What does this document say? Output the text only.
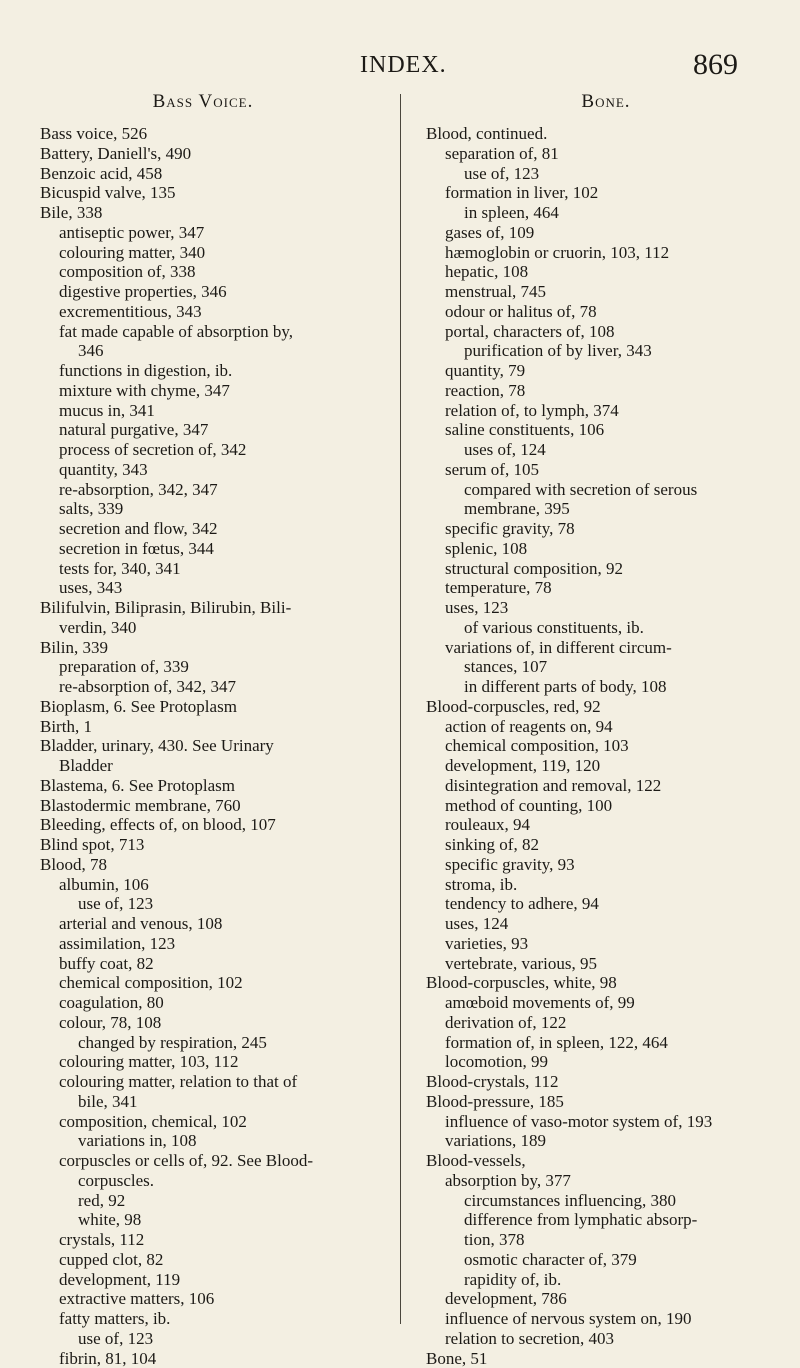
INDEX.	869
Bass Voice.
Bass voice, 526
Battery, Daniell's, 490
Benzoic acid, 458
Bicuspid valve, 135
Bile, 338
antiseptic power, 347
colouring matter, 340
composition of, 338
digestive properties, 346
excrementitious, 343
fat made capable of absorption by,
346
functions in digestion, ib.
mixture with chyme, 347
mucus in, 341
natural purgative, 347
process of secretion of, 342
quantity, 343
re-absorption, 342, 347
salts, 339
secretion and flow, 342
secretion in fœtus, 344
tests for, 340, 341
uses, 343
Bilifulvin, Biliprasin, Bilirubin, Bili-
verdin, 340
Bilin, 339
preparation of, 339
re-absorption of, 342, 347
Bioplasm, 6. See Protoplasm
Birth, 1
Bladder, urinary, 430. See Urinary
Bladder
Blastema, 6. See Protoplasm
Blastodermic membrane, 760
Bleeding, effects of, on blood, 107
Blind spot, 713
Blood, 78
albumin, 106
use of, 123
arterial and venous, 108
assimilation, 123
buffy coat, 82
chemical composition, 102
coagulation, 80
colour, 78, 108
changed by respiration, 245
colouring matter, 103, 112
colouring matter, relation to that of
bile, 341
composition, chemical, 102
variations in, 108
corpuscles or cells of, 92. See Blood-
corpuscles.
red, 92
white, 98
crystals, 112
cupped clot, 82
development, 119
extractive matters, 106
fatty matters, ib.
use of, 123
fibrin, 81, 104
Bone.
Blood, continued.
separation of, 81
use of, 123
formation in liver, 102
in spleen, 464
gases of, 109
hæmoglobin or cruorin, 103, 112
hepatic, 108
menstrual, 745
odour or halitus of, 78
portal, characters of, 108
purification of by liver, 343
quantity, 79
reaction, 78
relation of, to lymph, 374
saline constituents, 106
uses of, 124
serum of, 105
compared with secretion of serous
membrane, 395
specific gravity, 78
splenic, 108
structural composition, 92
temperature, 78
uses, 123
of various constituents, ib.
variations of, in different circum-
stances, 107
in different parts of body, 108
Blood-corpuscles, red, 92
action of reagents on, 94
chemical composition, 103
development, 119, 120
disintegration and removal, 122
method of counting, 100
rouleaux, 94
sinking of, 82
specific gravity, 93
stroma, ib.
tendency to adhere, 94
uses, 124
varieties, 93
vertebrate, various, 95
Blood-corpuscles, white, 98
amœboid movements of, 99
derivation of, 122
formation of, in spleen, 122, 464
locomotion, 99
Blood-crystals, 112
Blood-pressure, 185
influence of vaso-motor system of, 193
variations, 189
Blood-vessels,
absorption by, 377
circumstances influencing, 380
difference from lymphatic absorp-
tion, 378
osmotic character of, 379
rapidity of, ib.
development, 786
influence of nervous system on, 190
relation to secretion, 403
Bone, 51
